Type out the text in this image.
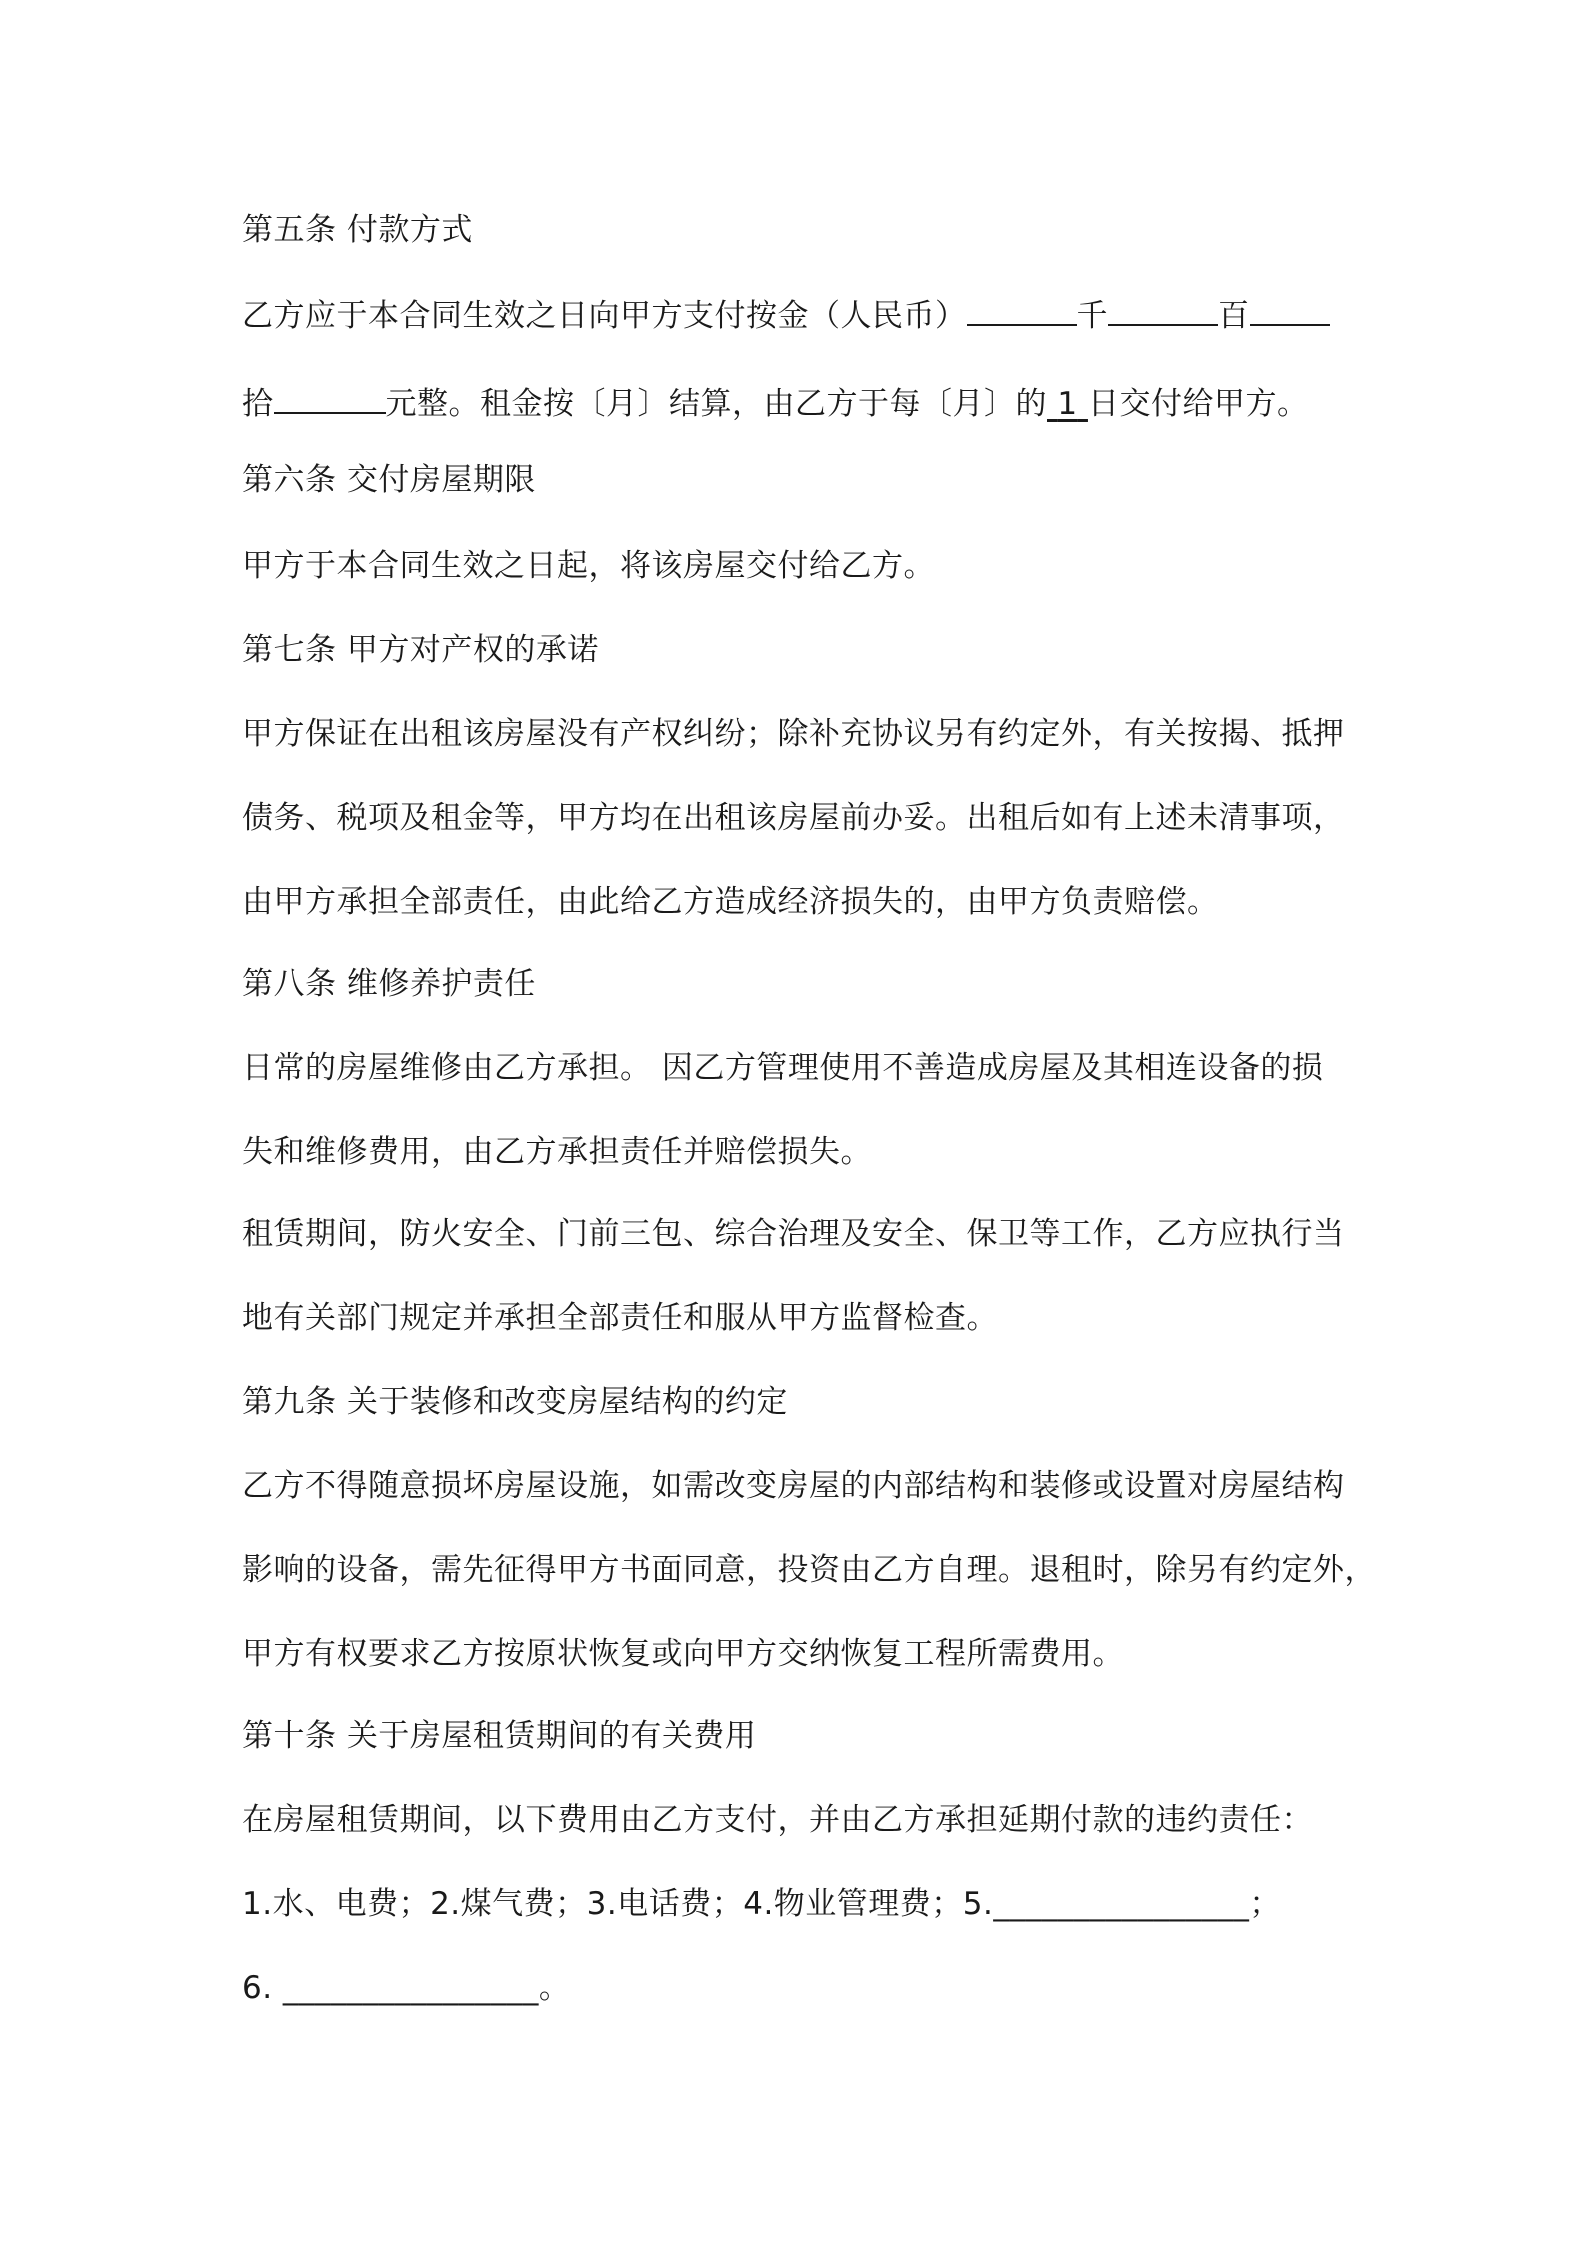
第五条 付款方式
乙方应于本合同生效之日向甲方支付按金（人民币）	千	百
拾	元整。租金按〔月〕结算，由乙方于每〔月〕的 1 日交付给甲方。
第六条 交付房屋期限
甲方于本合同生效之日起，将该房屋交付给乙方。
第七条 甲方对产权的承诺
甲方保证在出租该房屋没有产权纠纷；除补充协议另有约定外，有关按揭、抵押
债务、税项及租金等，甲方均在出租该房屋前办妥。出租后如有上述未清事项，
由甲方承担全部责任，由此给乙方造成经济损失的，由甲方负责赔偿。
第八条 维修养护责任
日常的房屋维修由乙方承担。 因乙方管理使用不善造成房屋及其相连设备的损
失和维修费用，由乙方承担责任并赔偿损失。
租赁期间，防火安全、门前三包、综合治理及安全、保卫等工作，乙方应执行当
地有关部门规定并承担全部责任和服从甲方监督检查。
第九条 关于装修和改变房屋结构的约定
乙方不得随意损坏房屋设施，如需改变房屋的内部结构和装修或设置对房屋结构
影响的设备，需先征得甲方书面同意，投资由乙方自理。退租时，除另有约定外，
甲方有权要求乙方按原状恢复或向甲方交纳恢复工程所需费用。
第十条 关于房屋租赁期间的有关费用
在房屋租赁期间，以下费用由乙方支付，并由乙方承担延期付款的违约责任：
1.水、电费；2.煤气费；3.电话费；4.物业管理费；5.________________；
6. ________________。
